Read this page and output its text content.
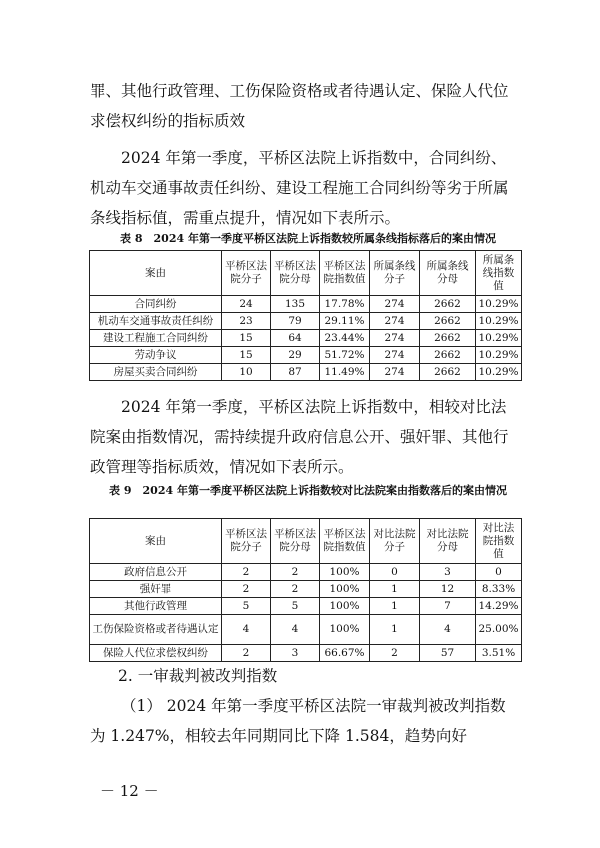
罪、其他行政管理、工伤保险资格或者待遇认定、保险人代位求偿权纠纷的指标质效

2024 年第一季度，平桥区法院上诉指数中，合同纠纷、机动车交通事故责任纠纷、建设工程施工合同纠纷等劣于所属条线指标值，需重点提升，情况如下表所示。

表 8　2024 年第一季度平桥区法院上诉指数较所属条线指标落后的案由情况

案由	平桥区法院分子	平桥区法院分母	平桥区法院指数值	所属条线分子	所属条线分母	所属条线指数值
合同纠纷	24	135	17.78%	274	2662	10.29%
机动车交通事故责任纠纷	23	79	29.11%	274	2662	10.29%
建设工程施工合同纠纷	15	64	23.44%	274	2662	10.29%
劳动争议	15	29	51.72%	274	2662	10.29%
房屋买卖合同纠纷	10	87	11.49%	274	2662	10.29%

2024 年第一季度，平桥区法院上诉指数中，相较对比法院案由指数情况，需持续提升政府信息公开、强奸罪、其他行政管理等指标质效，情况如下表所示。

表 9　2024 年第一季度平桥区法院上诉指数较对比法院案由指数落后的案由情况

案由	平桥区法院分子	平桥区法院分母	平桥区法院指数值	对比法院分子	对比法院分母	对比法院指数值
政府信息公开	2	2	100%	0	3	0
强奸罪	2	2	100%	1	12	8.33%
其他行政管理	5	5	100%	1	7	14.29%
工伤保险资格或者待遇认定	4	4	100%	1	4	25.00%
保险人代位求偿权纠纷	2	3	66.67%	2	57	3.51%

2. 一审裁判被改判指数

（1） 2024 年第一季度平桥区法院一审裁判被改判指数为 1.247%，相较去年同期同比下降 1.584，趋势向好

－ 12 －
